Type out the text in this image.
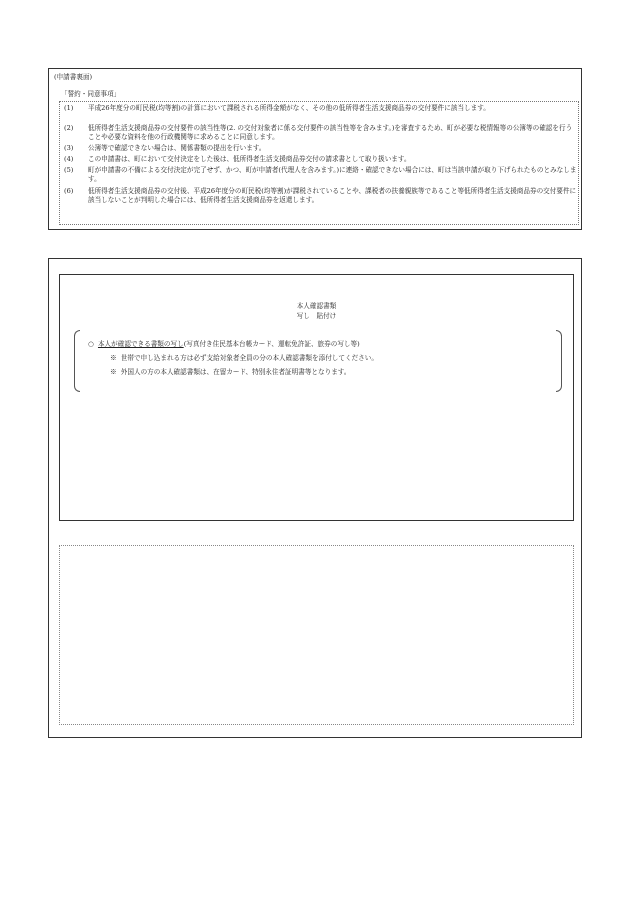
(申請書裏面)
「誓約・同意事項」
(1)	平成26年度分の町民税(均等割)の計算において課税される所得金額がなく、その他の低所得者生活支援商品券の交付要件に該当します。
(2)	低所得者生活支援商品券の交付要件の該当性等(2. の交付対象者に係る交付要件の該当性等を含みます。)を審査するため、町が必要な税情報等の公簿等の確認を行うことや必要な資料を他の行政機関等に求めることに同意します。
(3)	公簿等で確認できない場合は、関係書類の提出を行います。
(4)	この申請書は、町において交付決定をした後は、低所得者生活支援商品券交付の請求書として取り扱います。
(5)	町が申請書の不備による交付決定が完了せず、かつ、町が申請者(代理人を含みます。)に連絡・確認できない場合には、町は当該申請が取り下げられたものとみなします。
(6)	低所得者生活支援商品券の交付後、平成26年度分の町民税(均等割)が課税されていることや、課税者の扶養親族等であること等低所得者生活支援商品券の交付要件に該当しないことが判明した場合には、低所得者生活支援商品券を返還します。
本人確認書類
写し　貼付け
○ 本人が確認できる書類の写し(写真付き住民基本台帳カード、運転免許証、旅券の写し等)
※ 世帯で申し込まれる方は必ず支給対象者全員の分の本人確認書類を添付してください。
※ 外国人の方の本人確認書類は、在留カード、特別永住者証明書等となります。
